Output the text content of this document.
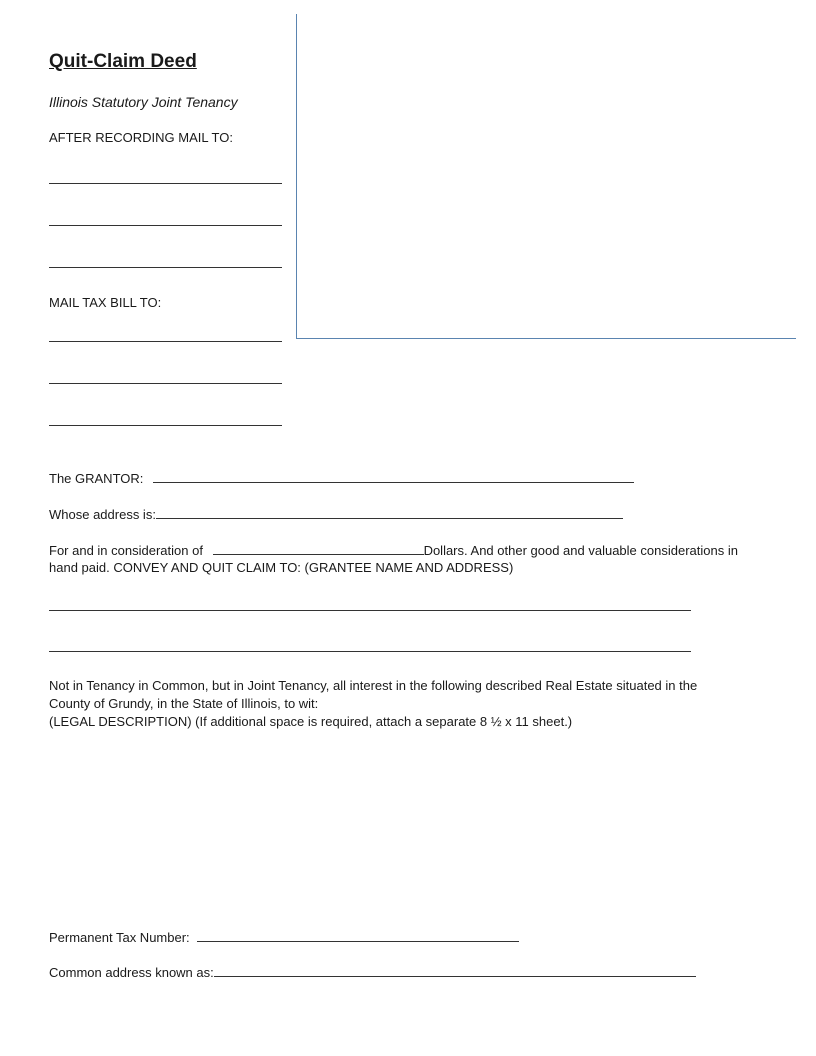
Quit-Claim Deed
Illinois Statutory Joint Tenancy
AFTER RECORDING MAIL TO:
MAIL TAX BILL TO:
The GRANTOR:
Whose address is:
For and in consideration of	Dollars. And other good and valuable considerations in
hand paid. CONVEY AND QUIT CLAIM TO: (GRANTEE NAME AND ADDRESS)
Not in Tenancy in Common, but in Joint Tenancy, all interest in the following described Real Estate situated in the
County of Grundy, in the State of Illinois, to wit:
(LEGAL DESCRIPTION) (If additional space is required, attach a separate 8 ½ x 11 sheet.)
Permanent Tax Number:
Common address known as:
